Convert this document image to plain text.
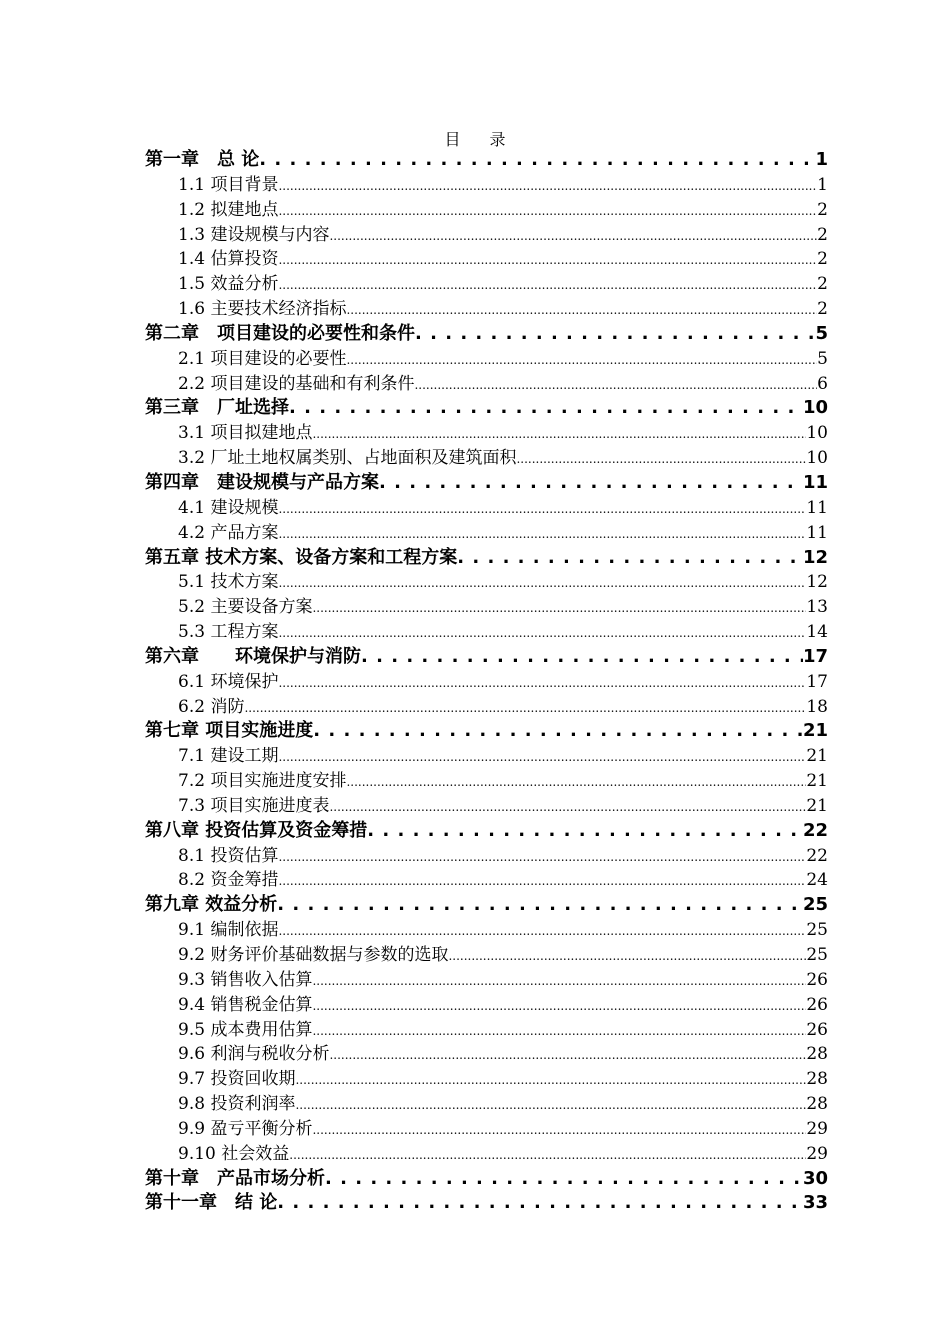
目 录
第一章　总 论 . . .	1
1.1 项目背景 .....	1
1.2 拟建地点 .....	2
1.3 建设规模与内容 .....	2
1.4 估算投资 .....	2
1.5 效益分析 .....	2
1.6 主要技术经济指标 .....	2
第二章　项目建设的必要性和条件 . . .	5
2.1 项目建设的必要性 .....	5
2.2 项目建设的基础和有利条件 .....	6
第三章　厂址选择 . . .	10
3.1 项目拟建地点 .....	10
3.2 厂址土地权属类别、占地面积及建筑面积 .....	10
第四章　建设规模与产品方案 . . .	11
4.1 建设规模 .....	11
4.2 产品方案 .....	11
第五章 技术方案、设备方案和工程方案 . . .	12
5.1 技术方案 .....	12
5.2 主要设备方案 .....	13
5.3 工程方案 .....	14
第六章　　环境保护与消防 . . .	17
6.1 环境保护 .....	17
6.2 消防 .....	18
第七章 项目实施进度 . . .	21
7.1 建设工期 .....	21
7.2 项目实施进度安排 .....	21
7.3 项目实施进度表 .....	21
第八章 投资估算及资金筹措 . . .	22
8.1 投资估算 .....	22
8.2 资金筹措 .....	24
第九章 效益分析 . . .	25
9.1 编制依据 .....	25
9.2 财务评价基础数据与参数的选取 .....	25
9.3 销售收入估算 .....	26
9.4 销售税金估算 .....	26
9.5 成本费用估算 .....	26
9.6 利润与税收分析 .....	28
9.7 投资回收期 .....	28
9.8 投资利润率 .....	28
9.9 盈亏平衡分析 .....	29
9.10 社会效益 .....	29
第十章　产品市场分析 . . .	30
第十一章　结 论 . . .	33
